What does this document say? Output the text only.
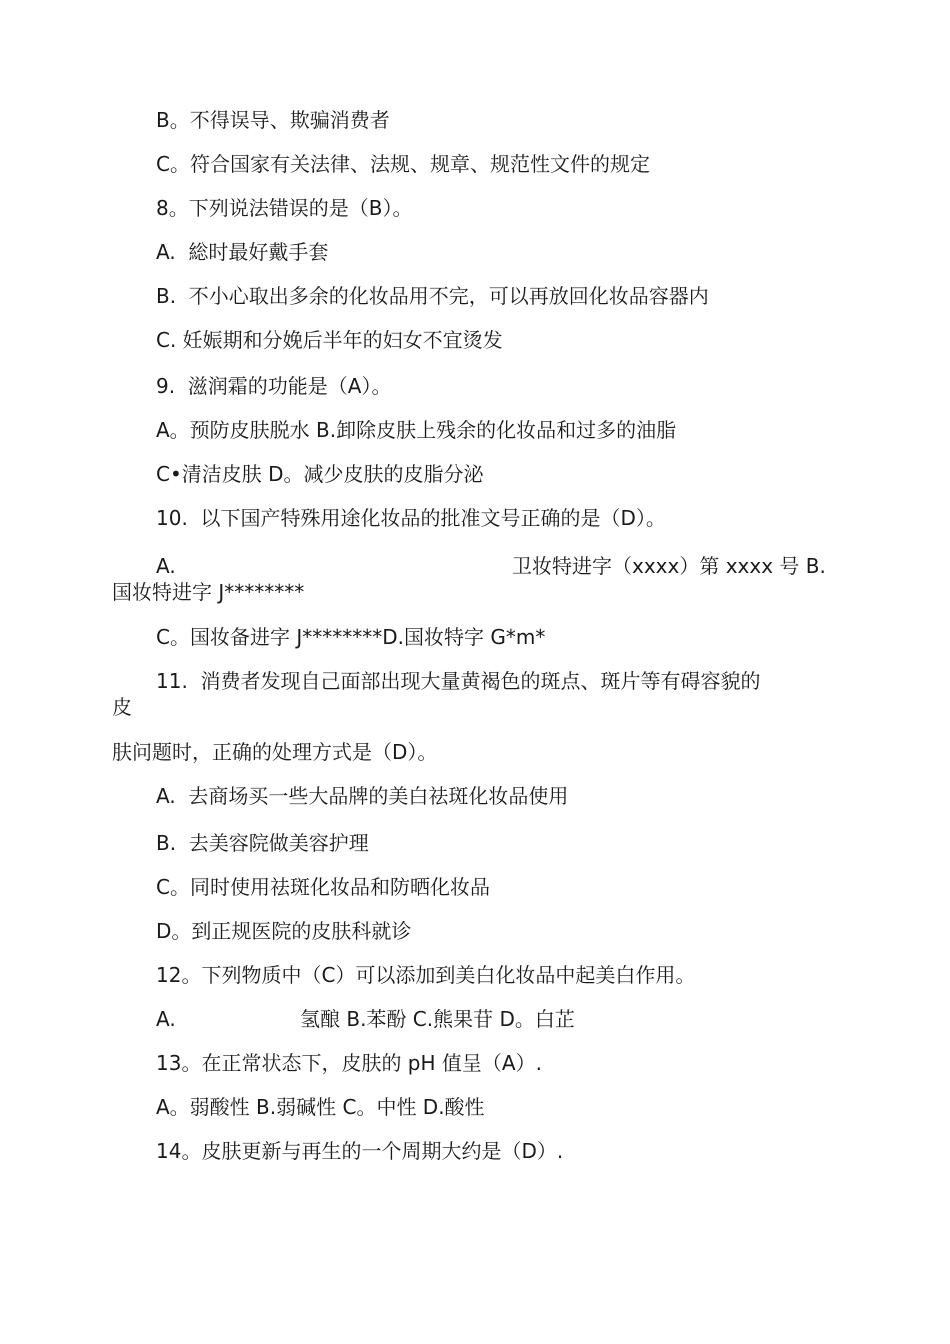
B。不得误导、欺骗消费者
C。符合国家有关法律、法规、规章、规范性文件的规定
8。下列说法错误的是（B）。
A.  総时最好戴手套
B.  不小心取出多余的化妆品用不完，可以再放回化妆品容器内
C. 妊娠期和分娩后半年的妇女不宜烫发
9.  滋润霜的功能是（A）。
A。预防皮肤脱水 B.卸除皮肤上残余的化妆品和过多的油脂
C•清洁皮肤 D。减少皮肤的皮脂分泌
10.  以下国产特殊用途化妆品的批准文号正确的是（D）。
A.	卫妆特进字（xxxx）第 xxxx 号 B.
国妆特进字 J********
C。国妆备进字 J********D.国妆特字 G*m*
11.  消费者发现自己面部出现大量黄褐色的斑点、斑片等有碍容貌的
皮
肤问题时，正确的处理方式是（D）。
A.  去商场买一些大品牌的美白祛斑化妆品使用
B.  去美容院做美容护理
C。同时使用祛斑化妆品和防晒化妆品
D。到正规医院的皮肤科就诊
12。下列物质中（C）可以添加到美白化妆品中起美白作用。
A.	氢酿 B.苯酚 C.熊果苷 D。白芷
13。在正常状态下，皮肤的 pH 值呈（A）.
A。弱酸性 B.弱碱性 C。中性 D.酸性
14。皮肤更新与再生的一个周期大约是（D）.
